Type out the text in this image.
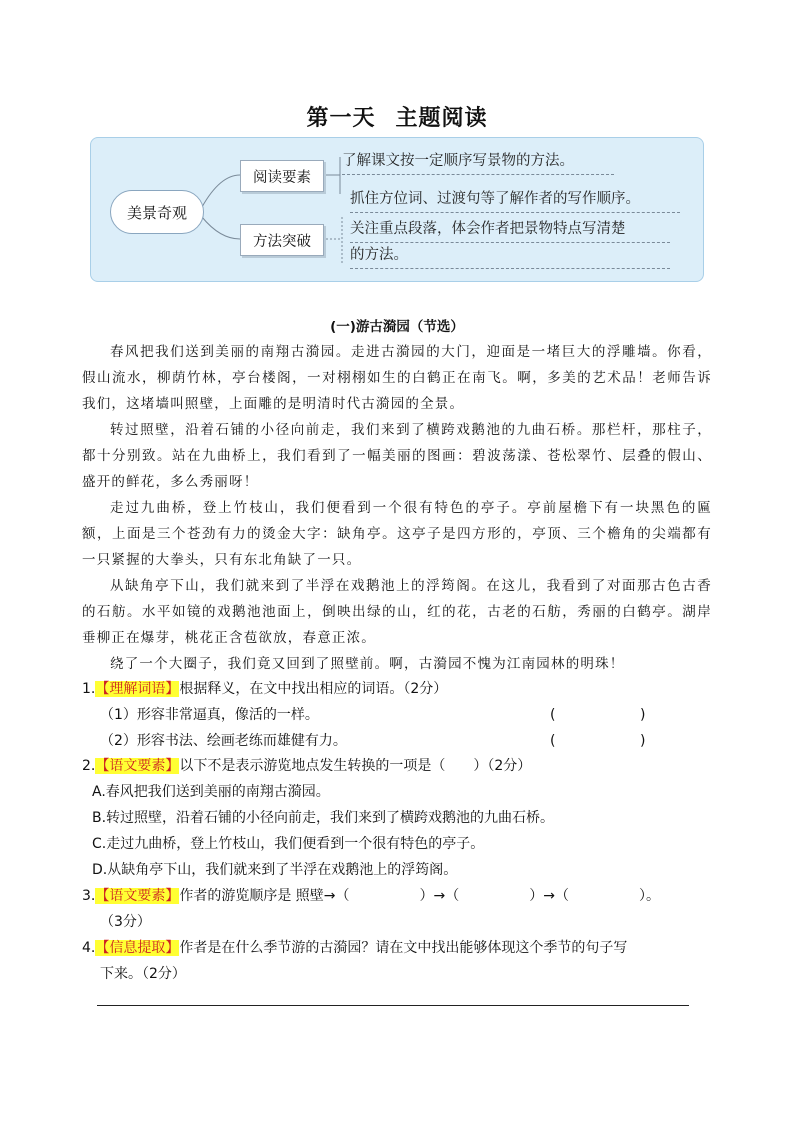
第一天 主题阅读
美景奇观
阅读要素
方法突破
了解课文按一定顺序写景物的方法。
抓住方位词、过渡句等了解作者的写作顺序。
关注重点段落，体会作者把景物特点写清楚
的方法。
(一)游古漪园（节选）

春风把我们送到美丽的南翔古漪园。走进古漪园的大门，迎面是一堵巨大的浮雕墙。你看，假山流水，柳荫竹林，亭台楼阁，一对栩栩如生的白鹤正在南飞。啊，多美的艺术品！老师告诉我们，这堵墙叫照壁，上面雕的是明清时代古漪园的全景。

转过照壁，沿着石铺的小径向前走，我们来到了横跨戏鹅池的九曲石桥。那栏杆，那柱子，都十分别致。站在九曲桥上，我们看到了一幅美丽的图画：碧波荡漾、苍松翠竹、层叠的假山、盛开的鲜花，多么秀丽呀！

走过九曲桥，登上竹枝山，我们便看到一个很有特色的亭子。亭前屋檐下有一块黑色的匾额，上面是三个苍劲有力的烫金大字：缺角亭。这亭子是四方形的，亭顶、三个檐角的尖端都有一只紧握的大拳头，只有东北角缺了一只。

从缺角亭下山，我们就来到了半浮在戏鹅池上的浮筠阁。在这儿，我看到了对面那古色古香的石舫。水平如镜的戏鹅池池面上，倒映出绿的山，红的花，古老的石舫，秀丽的白鹤亭。湖岸垂柳正在爆芽，桃花正含苞欲放，春意正浓。

绕了一个大圈子，我们竟又回到了照壁前。啊，古漪园不愧为江南园林的明珠！

1.【理解词语】根据释义，在文中找出相应的词语。（2分）
（1）形容非常逼真，像活的一样。	(	)
（2）形容书法、绘画老练而雄健有力。	(	)
2.【语文要素】以下不是表示游览地点发生转换的一项是（　　）（2分）
A.春风把我们送到美丽的南翔古漪园。
B.转过照壁，沿着石铺的小径向前走，我们来到了横跨戏鹅池的九曲石桥。
C.走过九曲桥，登上竹枝山，我们便看到一个很有特色的亭子。
D.从缺角亭下山，我们就来到了半浮在戏鹅池上的浮筠阁。
3.【语文要素】作者的游览顺序是 照壁→（　　　　　）→（　　　　　）→（　　　　　）。
（3分）
4.【信息提取】作者是在什么季节游的古漪园？请在文中找出能够体现这个季节的句子写
下来。（2分）
